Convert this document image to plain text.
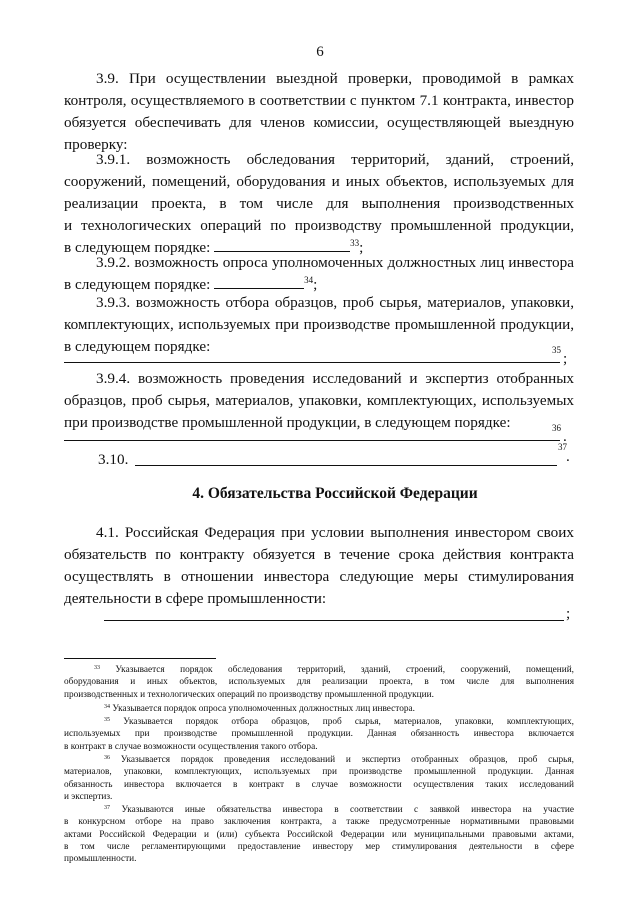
6
3.9. При осуществлении выездной проверки, проводимой в рамках
контроля, осуществляемого в соответствии с пунктом 7.1 контракта, инвестор
обязуется обеспечивать для членов комиссии, осуществляющей выездную
проверку:
3.9.1. возможность обследования территорий, зданий, строений,
сооружений, помещений, оборудования и иных объектов, используемых для
реализации проекта, в том числе для выполнения производственных
и технологических операций по производству промышленной продукции,
в следующем порядке:	$^{33}$;
3.9.2. возможность опроса уполномоченных должностных лиц инвестора
в следующем порядке:	$^{34}$;
3.9.3. возможность отбора образцов, проб сырья, материалов, упаковки,
комплектующих, используемых при производстве промышленной продукции,
в следующем порядке:	35 ;
3.9.4. возможность проведения исследований и экспертиз отобранных
образцов, проб сырья, материалов, упаковки, комплектующих, используемых
при производстве промышленной продукции, в следующем порядке:	36 .
3.10.
37
.
4. Обязательства Российской Федерации
4.1. Российская Федерация при условии выполнения инвестором своих
обязательств по контракту обязуется в течение срока действия контракта
осуществлять в отношении инвестора следующие меры стимулирования
деятельности в сфере промышленности:
;
$^{33}$ Указывается порядок обследования территорий, зданий, строений, сооружений, помещений,
оборудования и иных объектов, используемых для реализации проекта, в том числе для выполнения
производственных и технологических операций по производству промышленной продукции.
$^{34}$ Указывается порядок опроса уполномоченных должностных лиц инвестора.
$^{35}$ Указывается порядок отбора образцов, проб сырья, материалов, упаковки, комплектующих,
используемых при производстве промышленной продукции. Данная обязанность инвестора включается
в контракт в случае возможности осуществления такого отбора.
$^{36}$ Указывается порядок проведения исследований и экспертиз отобранных образцов, проб сырья,
материалов, упаковки, комплектующих, используемых при производстве промышленной продукции. Данная
обязанность инвестора включается в контракт в случае возможности осуществления таких исследований
и экспертиз.
$^{37}$ Указываются иные обязательства инвестора в соответствии с заявкой инвестора на участие
в конкурсном отборе на право заключения контракта, а также предусмотренные нормативными правовыми
актами Российской Федерации и (или) субъекта Российской Федерации или муниципальными правовыми актами,
в том числе регламентирующими предоставление инвестору мер стимулирования деятельности в сфере
промышленности.
